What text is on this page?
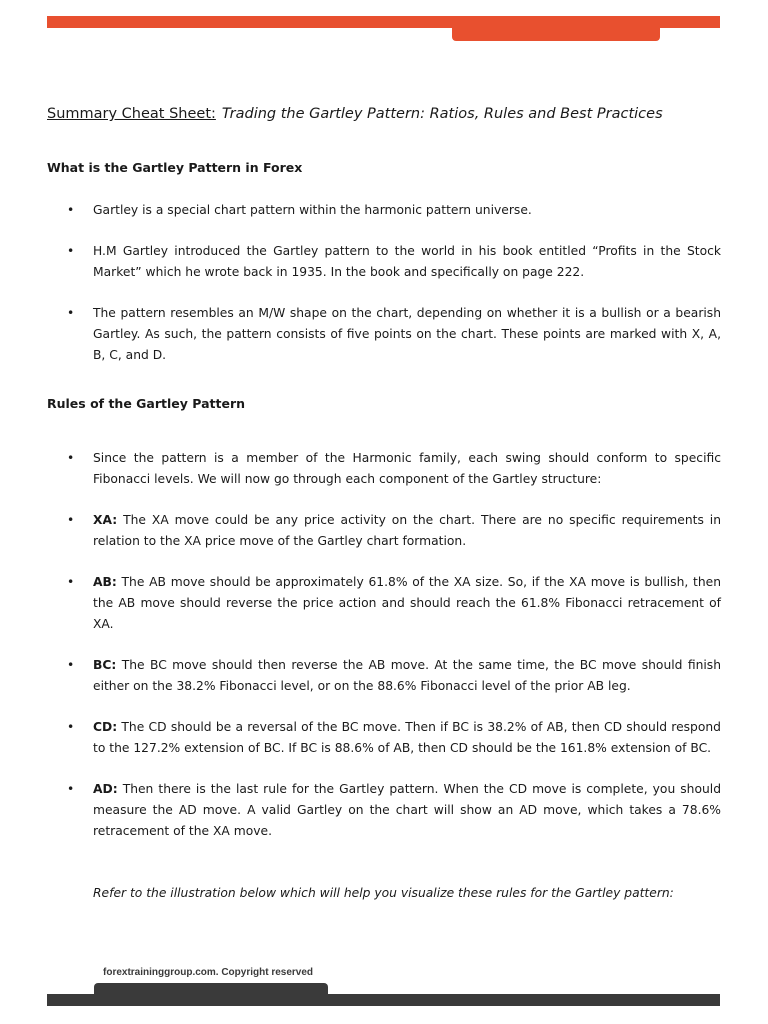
Summary Cheat Sheet: Trading the Gartley Pattern: Ratios, Rules and Best Practices
What is the Gartley Pattern in Forex
•	Gartley is a special chart pattern within the harmonic pattern universe.
•	H.M Gartley introduced the Gartley pattern to the world in his book entitled “Profits in the Stock Market” which he wrote back in 1935. In the book and specifically on page 222.
•	The pattern resembles an M/W shape on the chart, depending on whether it is a bullish or a bearish Gartley. As such, the pattern consists of five points on the chart. These points are marked with X, A, B, C, and D.
Rules of the Gartley Pattern
•	Since the pattern is a member of the Harmonic family, each swing should conform to specific Fibonacci levels. We will now go through each component of the Gartley structure:
•	XA: The XA move could be any price activity on the chart. There are no specific requirements in relation to the XA price move of the Gartley chart formation.
•	AB: The AB move should be approximately 61.8% of the XA size. So, if the XA move is bullish, then the AB move should reverse the price action and should reach the 61.8% Fibonacci retracement of XA.
•	BC: The BC move should then reverse the AB move. At the same time, the BC move should finish either on the 38.2% Fibonacci level, or on the 88.6% Fibonacci level of the prior AB leg.
•	CD: The CD should be a reversal of the BC move. Then if BC is 38.2% of AB, then CD should respond to the 127.2% extension of BC. If BC is 88.6% of AB, then CD should be the 161.8% extension of BC.
•	AD: Then there is the last rule for the Gartley pattern. When the CD move is complete, you should measure the AD move. A valid Gartley on the chart will show an AD move, which takes a 78.6% retracement of the XA move.
Refer to the illustration below which will help you visualize these rules for the Gartley pattern:
forextraininggroup.com. Copyright reserved
